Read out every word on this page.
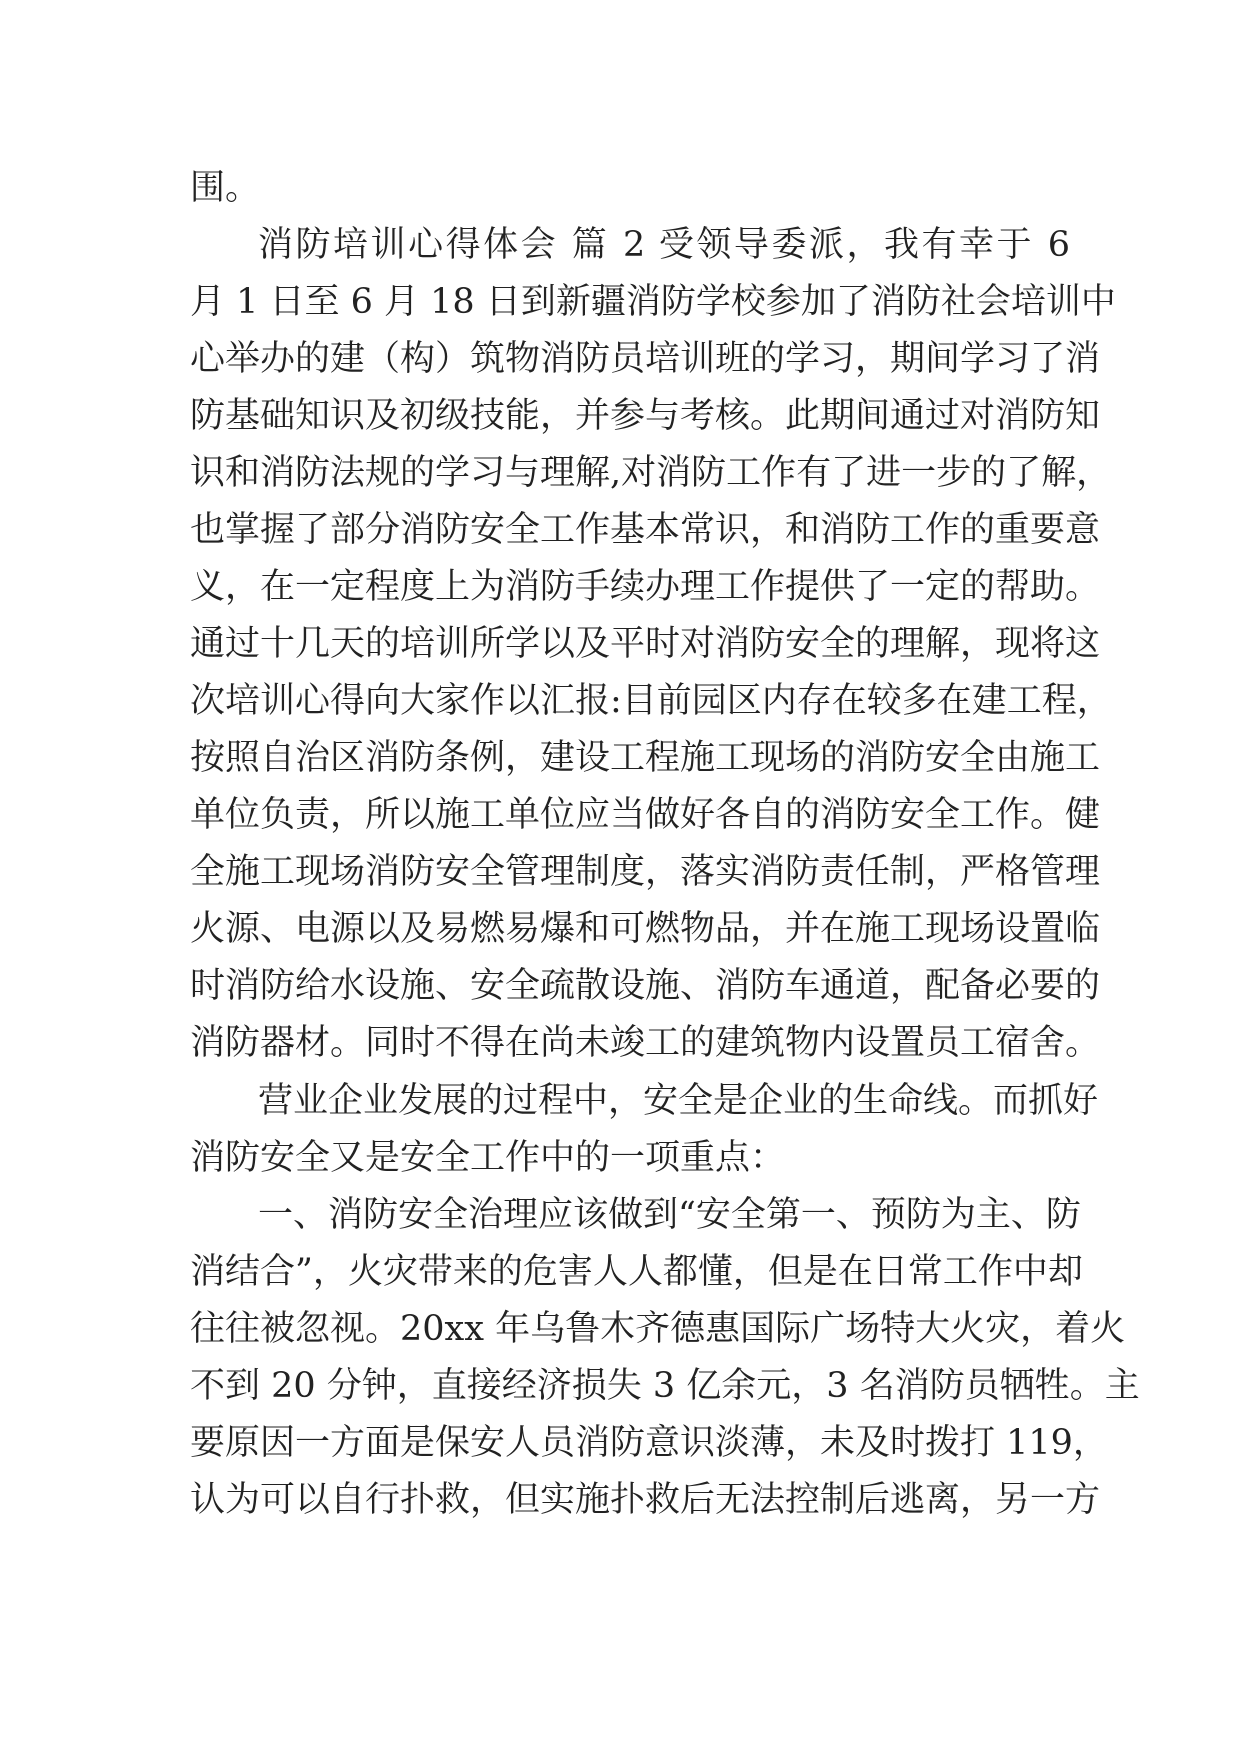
围。
消防培训心得体会 篇 2 受领导委派，我有幸于 6
月 1 日至 6 月 18 日到新疆消防学校参加了消防社会培训中
心举办的建（构）筑物消防员培训班的学习，期间学习了消
防基础知识及初级技能，并参与考核。此期间通过对消防知
识和消防法规的学习与理解,对消防工作有了进一步的了解，
也掌握了部分消防安全工作基本常识，和消防工作的重要意
义，在一定程度上为消防手续办理工作提供了一定的帮助。
通过十几天的培训所学以及平时对消防安全的理解，现将这
次培训心得向大家作以汇报:目前园区内存在较多在建工程，
按照自治区消防条例，建设工程施工现场的消防安全由施工
单位负责，所以施工单位应当做好各自的消防安全工作。健
全施工现场消防安全管理制度，落实消防责任制，严格管理
火源、电源以及易燃易爆和可燃物品，并在施工现场设置临
时消防给水设施、安全疏散设施、消防车通道，配备必要的
消防器材。同时不得在尚未竣工的建筑物内设置员工宿舍。
营业企业发展的过程中，安全是企业的生命线。而抓好
消防安全又是安全工作中的一项重点：
一、消防安全治理应该做到“安全第一、预防为主、防
消结合”，火灾带来的危害人人都懂，但是在日常工作中却
往往被忽视。20xx 年乌鲁木齐德惠国际广场特大火灾，着火
不到 20 分钟，直接经济损失 3 亿余元，3 名消防员牺牲。主
要原因一方面是保安人员消防意识淡薄，未及时拨打 119，
认为可以自行扑救，但实施扑救后无法控制后逃离，另一方
